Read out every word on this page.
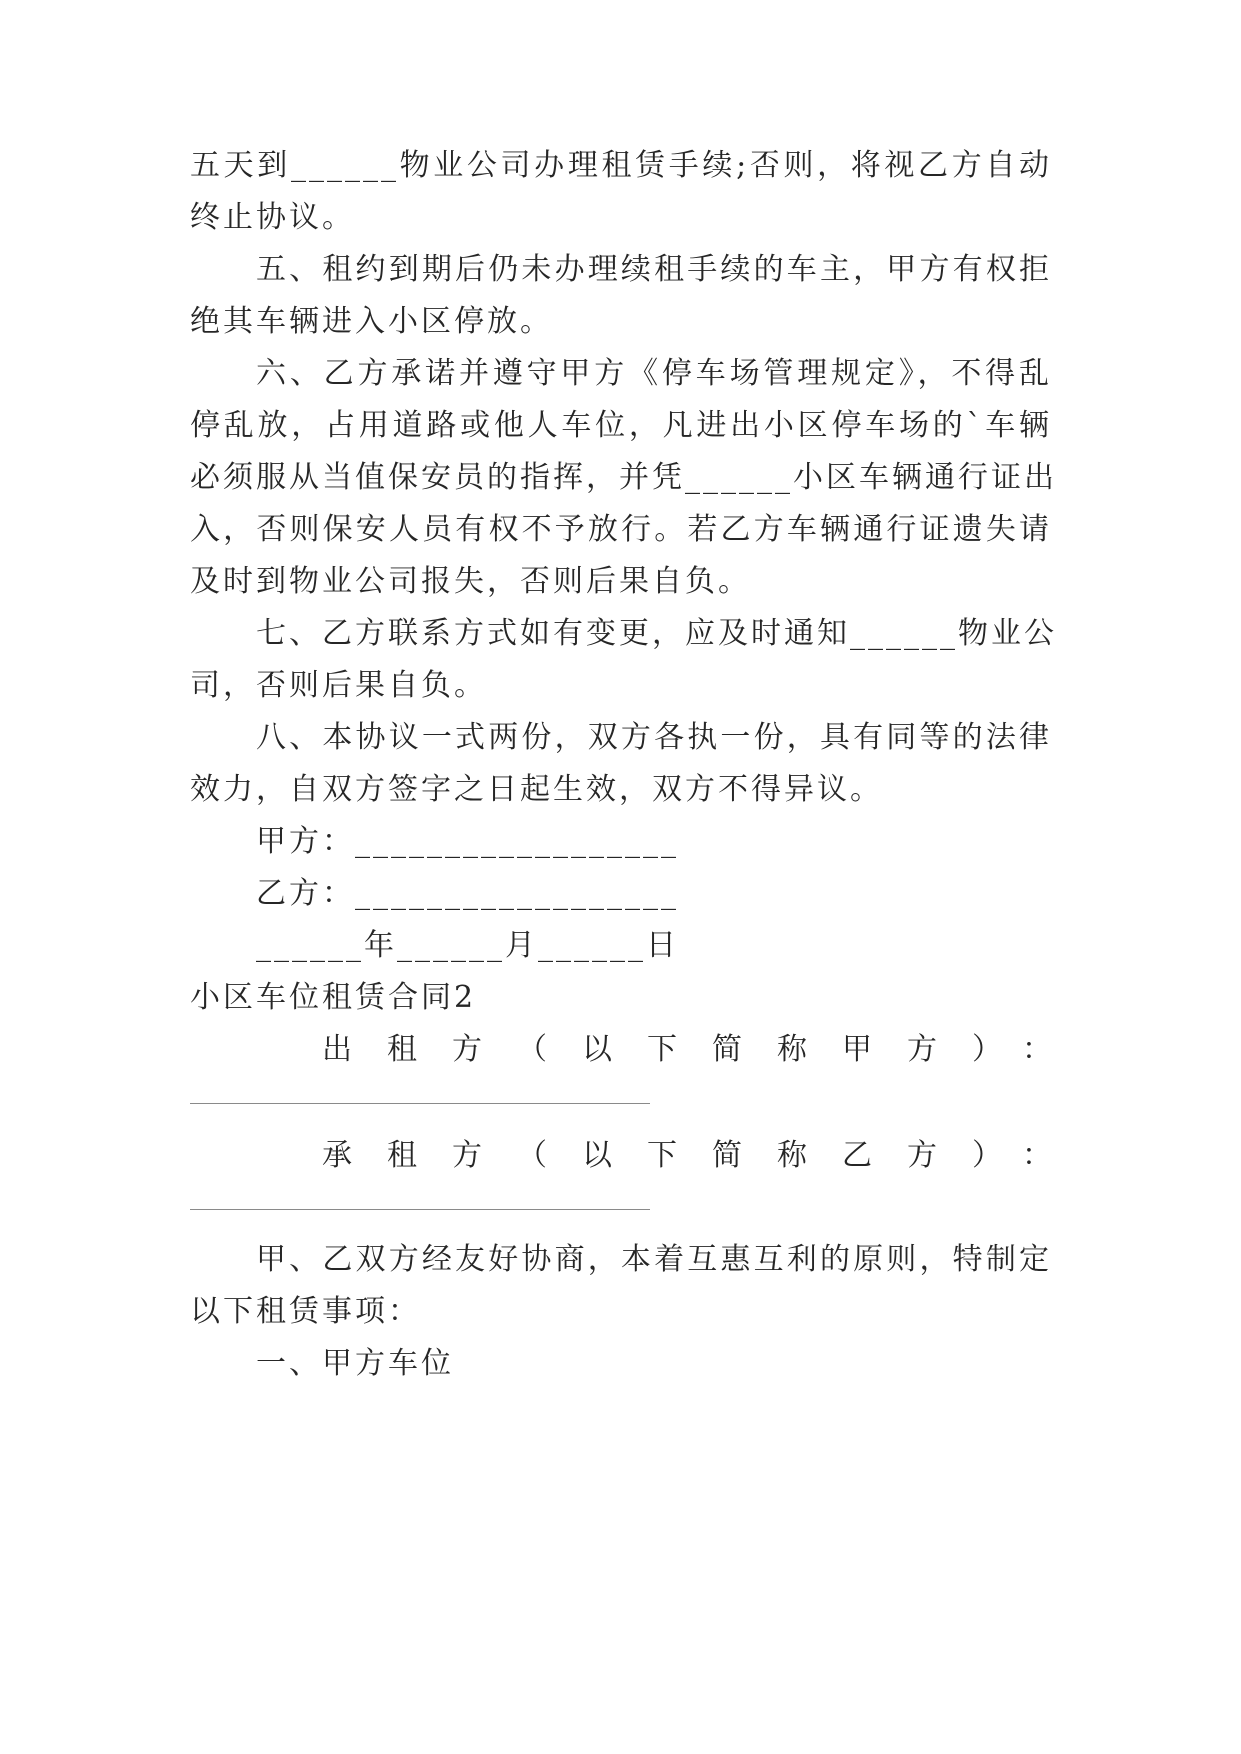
五天到______物业公司办理租赁手续;否则，将视乙方自动
终止协议。
五、租约到期后仍未办理续租手续的车主，甲方有权拒
绝其车辆进入小区停放。
六、乙方承诺并遵守甲方《停车场管理规定》，不得乱
停乱放，占用道路或他人车位，凡进出小区停车场的`车辆
必须服从当值保安员的指挥，并凭______小区车辆通行证出
入，否则保安人员有权不予放行。若乙方车辆通行证遗失请
及时到物业公司报失，否则后果自负。
七、乙方联系方式如有变更，应及时通知______物业公
司，否则后果自负。
八、本协议一式两份，双方各执一份，具有同等的法律
效力，自双方签字之日起生效，双方不得异议。
甲方：__________________
乙方：__________________
______年______月______日
小区车位租赁合同2
出租方（以下简称甲方）：
承租方（以下简称乙方）：
甲、乙双方经友好协商，本着互惠互利的原则，特制定
以下租赁事项：
一、甲方车位
